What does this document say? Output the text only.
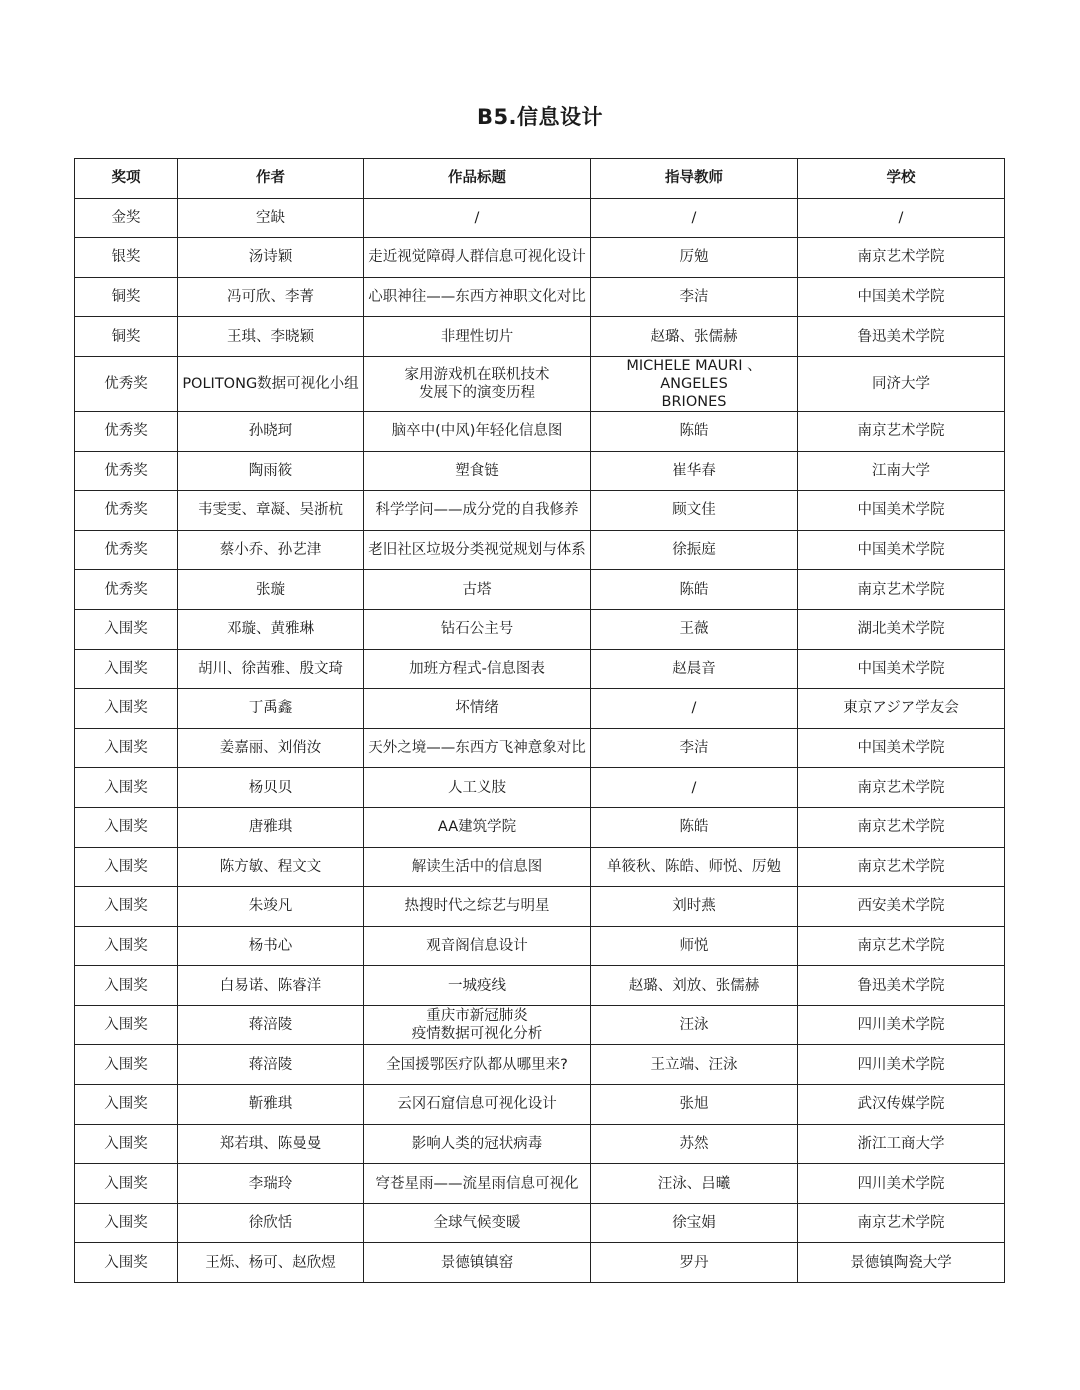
B5.信息设计
奖项	作者	作品标题	指导教师	学校

金奖	空缺	/	/	/

银奖	汤诗颖	走近视觉障碍人群信息可视化设计	厉勉	南京艺术学院

铜奖	冯可欣、李菁	心职神往——东西方神职文化对比	李洁	中国美术学院

铜奖	王琪、李晓颖	非理性切片	赵璐、张儒赫	鲁迅美术学院

优秀奖	POLITONG数据可视化小组	家用游戏机在联机技术
发展下的演变历程	MICHELE MAURI 、ANGELES
BRIONES	同济大学

优秀奖	孙晓珂	脑卒中(中风)年轻化信息图	陈皓	南京艺术学院

优秀奖	陶雨筱	塑食链	崔华春	江南大学

优秀奖	韦雯雯、章凝、吴浙杭	科学学问——成分党的自我修养	顾文佳	中国美术学院

优秀奖	蔡小乔、孙艺津	老旧社区垃圾分类视觉规划与体系	徐振庭	中国美术学院

优秀奖	张璇	古塔	陈皓	南京艺术学院

入围奖	邓璇、黄雅琳	钻石公主号	王薇	湖北美术学院

入围奖	胡川、徐茜雅、殷文琦	加班方程式-信息图表	赵晨音	中国美术学院

入围奖	丁禹鑫	坏情绪	/	東京アジア学友会

入围奖	姜嘉丽、刘俏汝	天外之境——东西方飞神意象对比	李洁	中国美术学院

入围奖	杨贝贝	人工义肢	/	南京艺术学院

入围奖	唐雅琪	AA建筑学院	陈皓	南京艺术学院

入围奖	陈方敏、程文文	解读生活中的信息图	单筱秋、陈皓、师悦、厉勉	南京艺术学院

入围奖	朱竣凡	热搜时代之综艺与明星	刘时燕	西安美术学院

入围奖	杨书心	观音阁信息设计	师悦	南京艺术学院

入围奖	白易诺、陈睿洋	一城疫线	赵璐、刘放、张儒赫	鲁迅美术学院

入围奖	蒋涪陵	重庆市新冠肺炎
疫情数据可视化分析	汪泳	四川美术学院

入围奖	蒋涪陵	全国援鄂医疗队都从哪里来?	王立端、汪泳	四川美术学院

入围奖	靳雅琪	云冈石窟信息可视化设计	张旭	武汉传媒学院

入围奖	郑若琪、陈曼曼	影响人类的冠状病毒	苏然	浙江工商大学

入围奖	李瑞玲	穹苍星雨——流星雨信息可视化	汪泳、吕曦	四川美术学院

入围奖	徐欣恬	全球气候变暖	徐宝娟	南京艺术学院

入围奖	王烁、杨可、赵欣煜	景德镇镇窑	罗丹	景德镇陶瓷大学
